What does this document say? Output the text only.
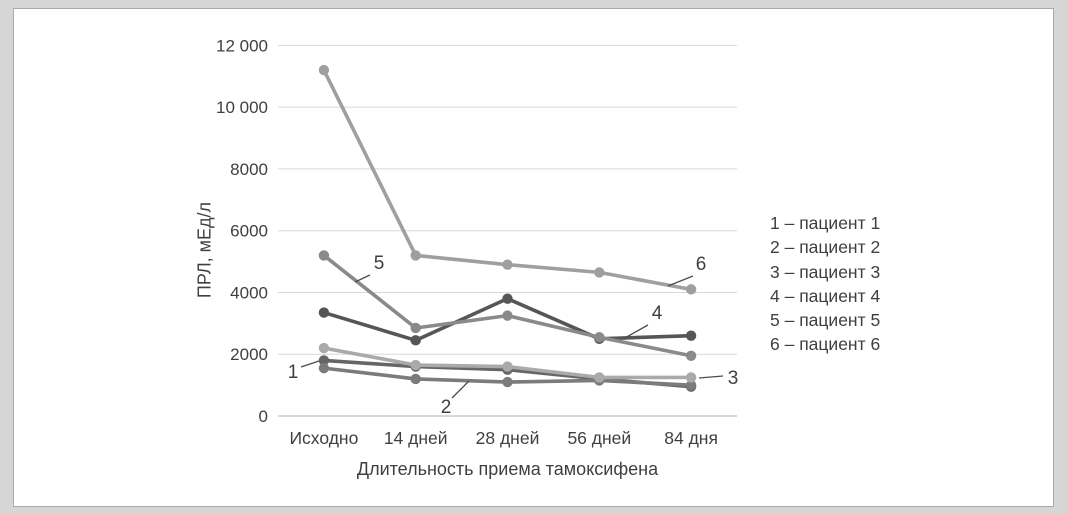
0
2000
4000
6000
8000
10 000
12 000
Исходно 14 дней 28 дней 56 дней 84 дня
1
2
3
4
5	6
1 – пациент 1
2 – пациент 2
3 – пациент 3
4 – пациент 4
5 – пациент 5
6 – пациент 6
ПРЛ, мЕд/л
Длительность приема тамоксифена
